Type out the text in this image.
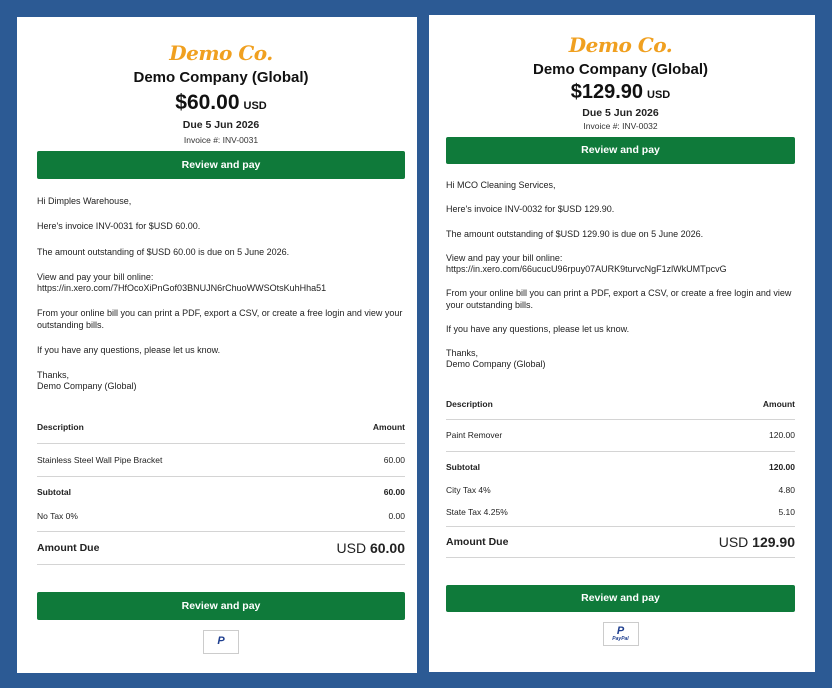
Demo Co.
Demo Company (Global)
$60.00 USD
Due 5 Jun 2026
Invoice #: INV-0031
Review and pay

Hi Dimples Warehouse,

Here's invoice INV-0031 for $USD 60.00.

The amount outstanding of $USD 60.00 is due on 5 June 2026.

View and pay your bill online:

https://in.xero.com/7HfOcoXiPnGof03BNUJN6rChuoWWSOtsKuhHha51

From your online bill you can print a PDF, export a CSV, or create a free login and view your outstanding bills.

If you have any questions, please let us know.

Thanks,

Demo Company (Global)

Description	Amount
Stainless Steel Wall Pipe Bracket	60.00
Subtotal	60.00
No Tax 0%	0.00
Amount Due	USD 60.00
Review and pay
P
Demo Co.
Demo Company (Global)
$129.90 USD
Due 5 Jun 2026
Invoice #: INV-0032
Review and pay

Hi MCO Cleaning Services,

Here's invoice INV-0032 for $USD 129.90.

The amount outstanding of $USD 129.90 is due on 5 June 2026.

View and pay your bill online:

https://in.xero.com/66ucucU96rpuy07AURK9turvcNgF1zlWkUMTpcvG

From your online bill you can print a PDF, export a CSV, or create a free login and view your outstanding bills.

If you have any questions, please let us know.

Thanks,

Demo Company (Global)

Description	Amount
Paint Remover	120.00
Subtotal	120.00
City Tax 4%	4.80
State Tax 4.25%	5.10
Amount Due	USD 129.90
Review and pay
P
PayPal
